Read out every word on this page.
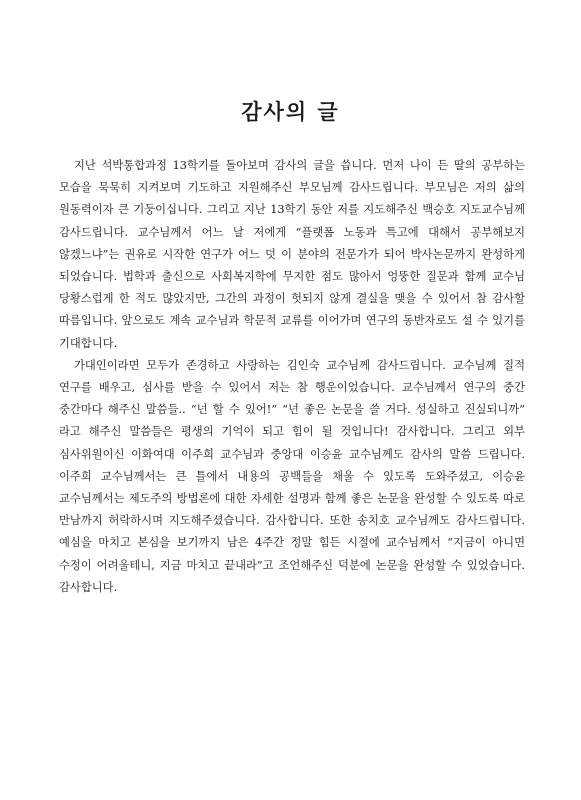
감사의 글

지난 석박통합과정 13학기를 돌아보며 감사의 글을 씁니다. 먼저 나이 든 딸의 공부하는 모습을 묵묵히 지켜보며 기도하고 지원해주신 부모님께 감사드립니다. 부모님은 저의 삶의 원동력이자 큰 기둥이십니다. 그리고 지난 13학기 동안 저를 지도해주신 백승호 지도교수님께 감사드립니다. 교수님께서 어느 날 저에게 “플랫폼 노동과 특고에 대해서 공부해보지 않겠느냐”는 권유로 시작한 연구가 어느 덧 이 분야의 전문가가 되어 박사논문까지 완성하게 되었습니다. 법학과 출신으로 사회복지학에 무지한 점도 많아서 엉뚱한 질문과 함께 교수님 당황스럽게 한 적도 많았지만, 그간의 과정이 헛되지 않게 결실을 맺을 수 있어서 참 감사할 따름입니다. 앞으로도 계속 교수님과 학문적 교류를 이어가며 연구의 동반자로도 설 수 있기를 기대합니다.

가대인이라면 모두가 존경하고 사랑하는 김인숙 교수님께 감사드립니다. 교수님께 질적 연구를 배우고, 심사를 받을 수 있어서 저는 참 행운이었습니다. 교수님께서 연구의 중간 중간마다 해주신 말씀들.. “넌 할 수 있어!” “넌 좋은 논문을 쓸 거다. 성실하고 진실되니까” 라고 해주신 말씀들은 평생의 기억이 되고 힘이 될 것입니다! 감사합니다. 그리고 외부 심사위원이신 이화여대 이주희 교수님과 중앙대 이승윤 교수님께도 감사의 말씀 드립니다. 이주희 교수님께서는 큰 틀에서 내용의 공백들을 채울 수 있도록 도와주셨고, 이승윤 교수님께서는 제도주의 방법론에 대한 자세한 설명과 함께 좋은 논문을 완성할 수 있도록 따로 만남까지 허락하시며 지도해주셨습니다. 감사합니다. 또한 송치호 교수님께도 감사드립니다. 예심을 마치고 본심을 보기까지 남은 4주간 정말 힘든 시절에 교수님께서 “지금이 아니면 수정이 어려울테니, 지금 마치고 끝내라”고 조언해주신 덕분에 논문을 완성할 수 있었습니다. 감사합니다.
